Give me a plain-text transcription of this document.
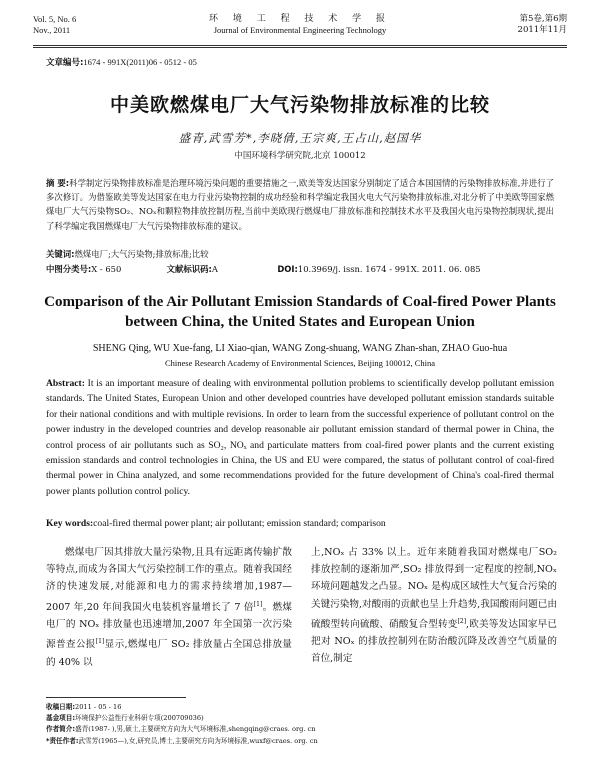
Vol. 5, No. 6
Nov., 2011
环 境 工 程 技 术 学 报
Journal of Environmental Engineering Technology
第5卷,第6期
2011年11月
文章编号:1674 - 991X(2011)06 - 0512 - 05
中美欧燃煤电厂大气污染物排放标准的比较
盛青,武雪芳*,李晓倩,王宗爽,王占山,赵国华
中国环境科学研究院,北京 100012
摘 要:科学制定污染物排放标准是治理环境污染问题的重要措施之一,欧美等发达国家分别制定了适合本国国情的污染物排放标准,并进行了多次修订。为借鉴欧美等发达国家在电力行业污染物控制的成功经验和科学编定我国火电大气污染物排放标准,对北分析了中美欧等国家燃煤电厂大气污染物SO₂、NOₓ和颗粒物排放控制历程,当前中美欧现行燃煤电厂排放标准和控制技术水平及我国火电污染物控制现状,提出了科学编定我国燃煤电厂大气污染物排放标准的建议。
关键词:燃煤电厂;大气污染物;排放标准;比较
中图分类号:X - 650	文献标识码:A	DOI:10.3969/j. issn. 1674 - 991X. 2011. 06. 085
Comparison of the Air Pollutant Emission Standards of Coal-fired Power Plants between China, the United States and European Union
SHENG Qing, WU Xue-fang, LI Xiao-qian, WANG Zong-shuang, WANG Zhan-shan, ZHAO Guo-hua
Chinese Research Academy of Environmental Sciences, Beijing 100012, China
Abstract: It is an important measure of dealing with environmental pollution problems to scientifically develop pollutant emission standards. The United States, European Union and other developed countries have developed pollutant emission standards suitable for their national conditions and with multiple revisions. In order to learn from the successful experience of pollutant control on the power industry in the developed countries and develop reasonable air pollutant emission standard of thermal power in China, the control process of air pollutants such as SO₂, NOₓ and particulate matters from coal-fired power plants and the current existing emission standards and control technologies in China, the US and EU were compared, the status of pollutant control of coal-fired thermal power in China analyzed, and some recommendations provided for the future development of China's coal-fired thermal power plants pollution control policy.
Key words:coal-fired thermal power plant; air pollutant; emission standard; comparison
燃煤电厂因其排放大量污染物,且具有远距离传输扩散等特点,而成为各国大气污染控制工作的重点。随着我国经济的快速发展,对能源和电力的需求持续增加,1987—2007 年,20 年间我国火电装机容量增长了 7 倍[1]。燃煤电厂的 NOₓ 排放量也迅速增加,2007 年全国第一次污染源普查公报[1]显示,燃煤电厂 SO₂ 排放量占全国总排放量的 40% 以
上,NOₓ 占 33% 以上。近年来随着我国对燃煤电厂SO₂ 排放控制的逐渐加严,SO₂ 排放得到一定程度的控制,NOₓ 环境问题越发之凸显。NOₓ 是构成区域性大气复合污染的关键污染物,对酸雨的贡献也呈上升趋势,我国酸雨问题已由硫酸型转向硫酸、硝酸复合型转变[2],欧美等发达国家早已把对 NOₓ 的排放控制列在防治酸沉降及改善空气质量的首位,制定
收稿日期:2011 - 05 - 16
基金项目:环境保护公益性行业科研专项(200709036)
作者简介:盛青(1987- ),男,硕士,主要研究方向为大气环境标准,shengqing@craes. org. cn
*责任作者:武雪芳(1965—),女,研究员,博士,主要研究方向为环境标准,wuxf@craes. org. cn
